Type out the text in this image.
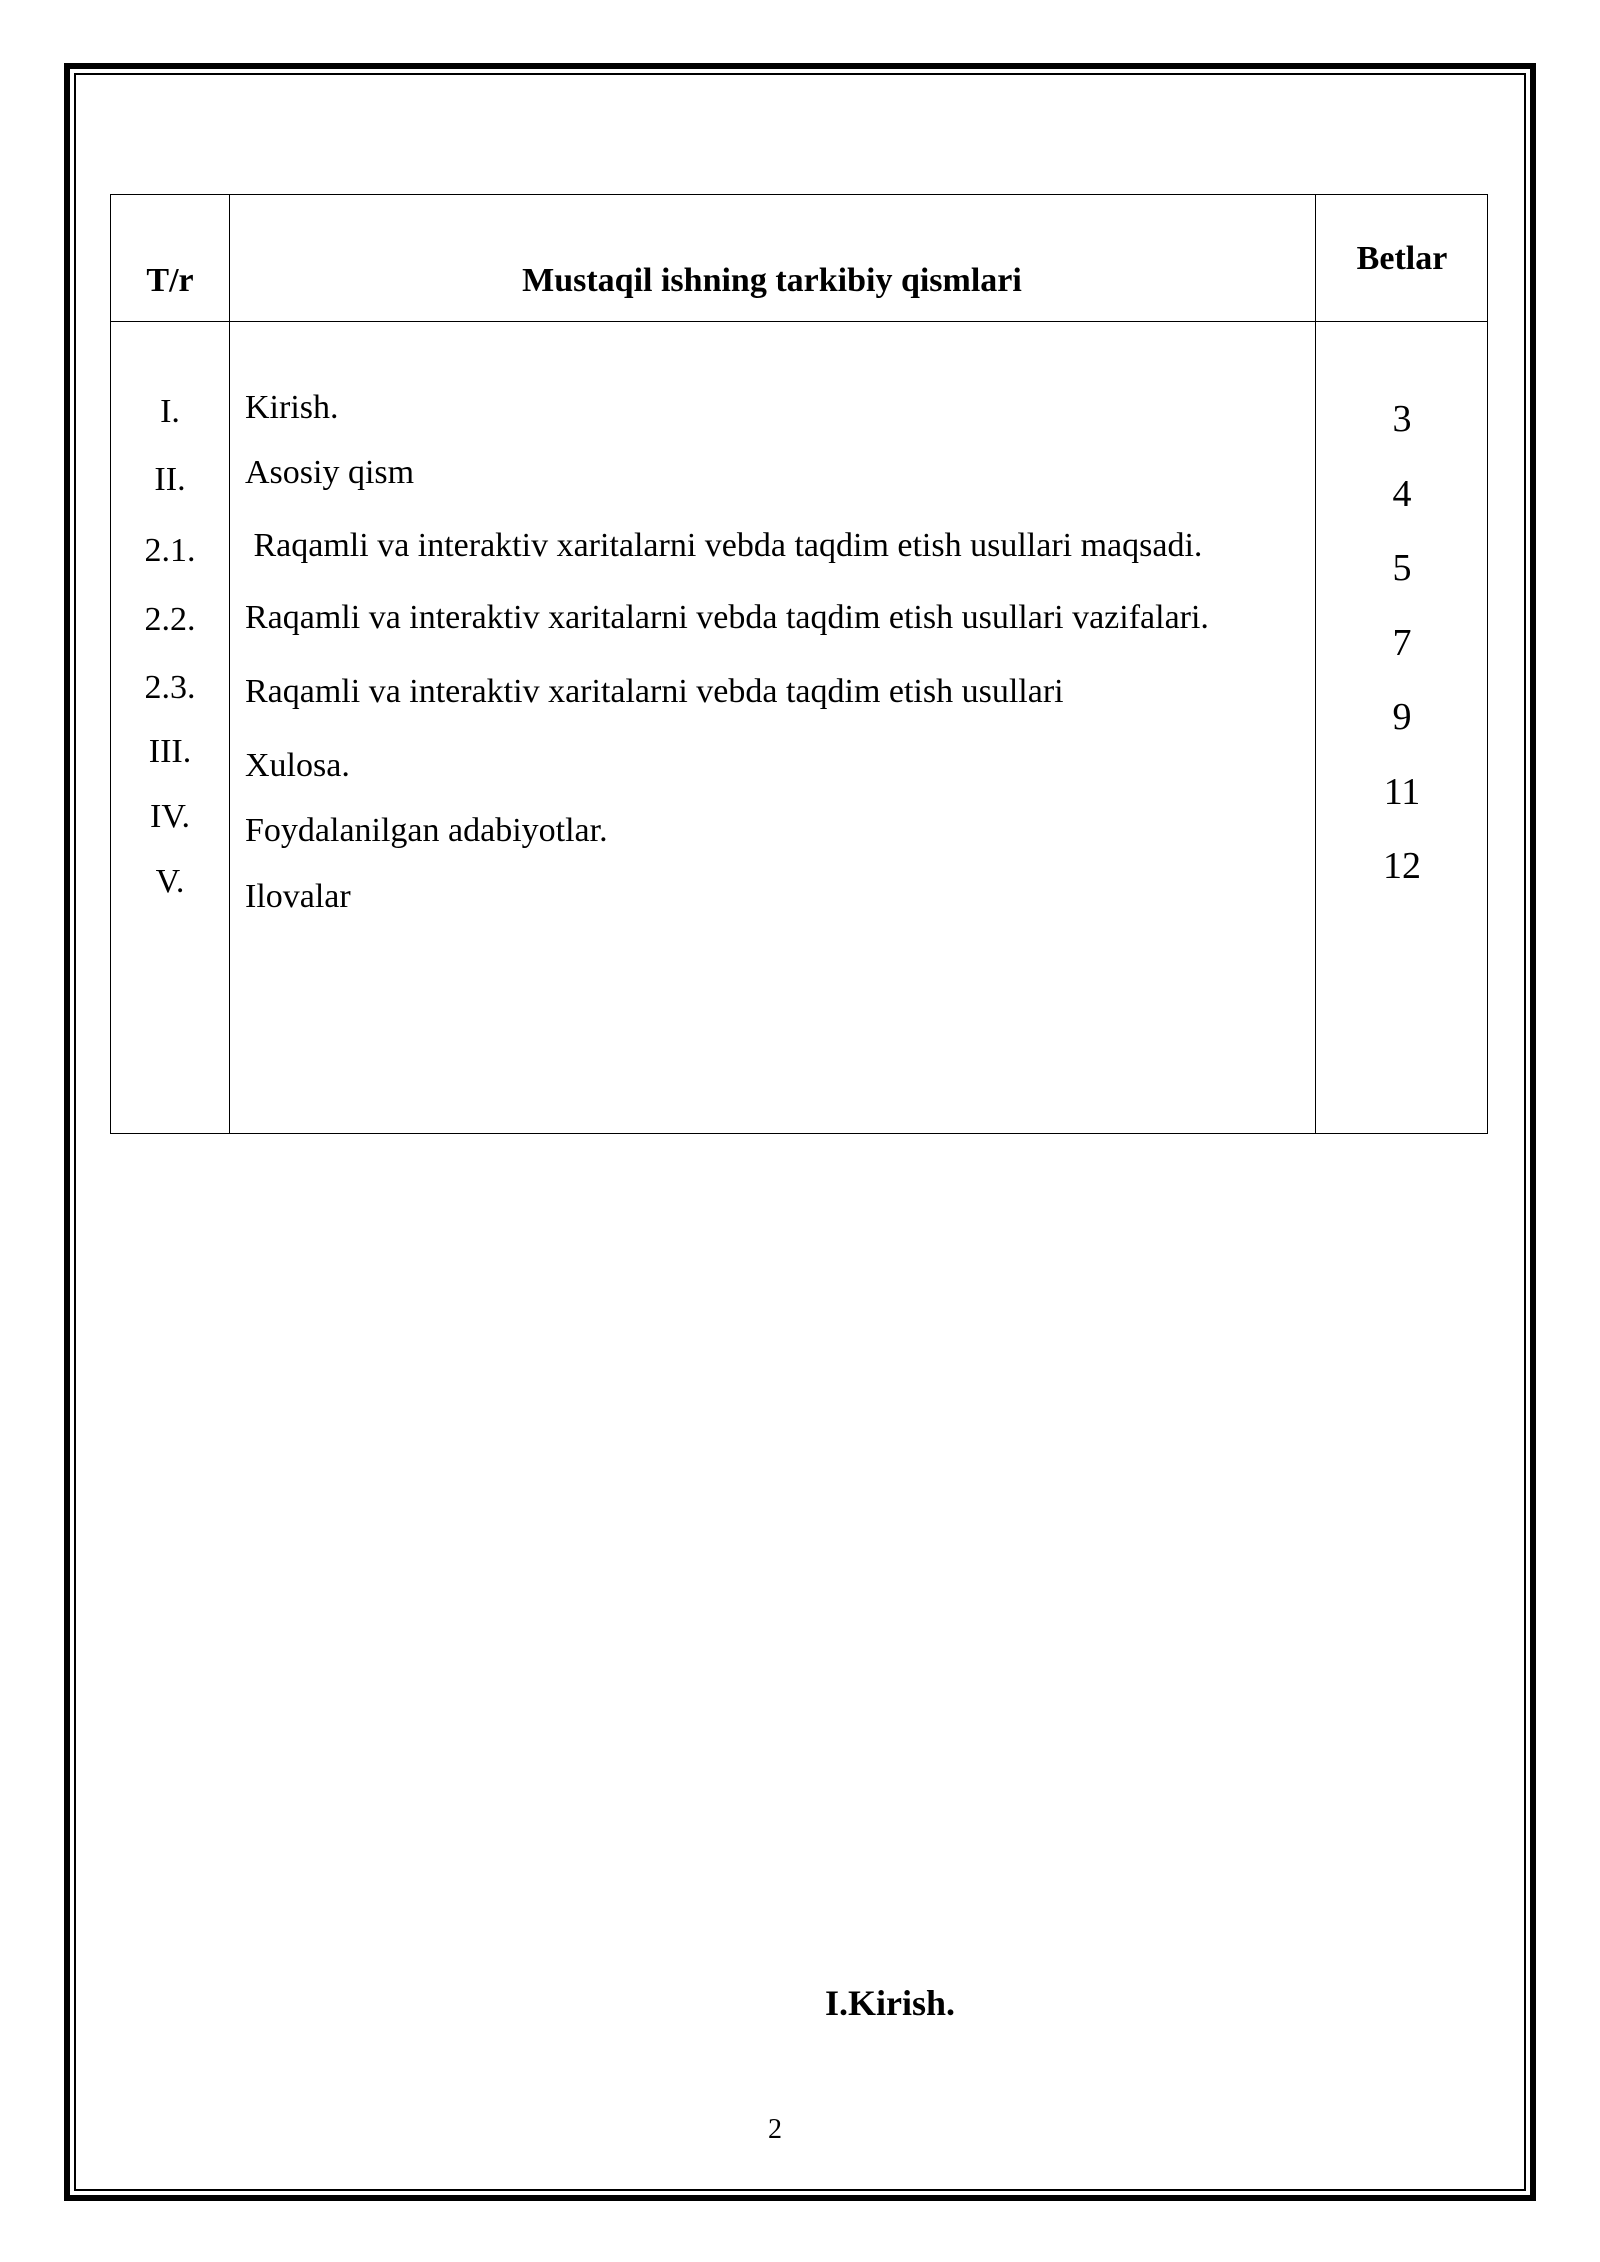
T/r	Mustaqil ishning tarkibiy qismlari
Betlar
I.
II.
2.1.
2.2.
2.3.
III.
IV.
V.
Kirish.
Asosiy qism
Raqamli va interaktiv xaritalarni vebda taqdim etish usullari maqsadi.
Raqamli va interaktiv xaritalarni vebda taqdim etish usullari vazifalari.
Raqamli va interaktiv xaritalarni vebda taqdim etish usullari
Xulosa.
Foydalanilgan adabiyotlar.
Ilovalar
3
4
5
7
9
11
12
I.Kirish.
2
